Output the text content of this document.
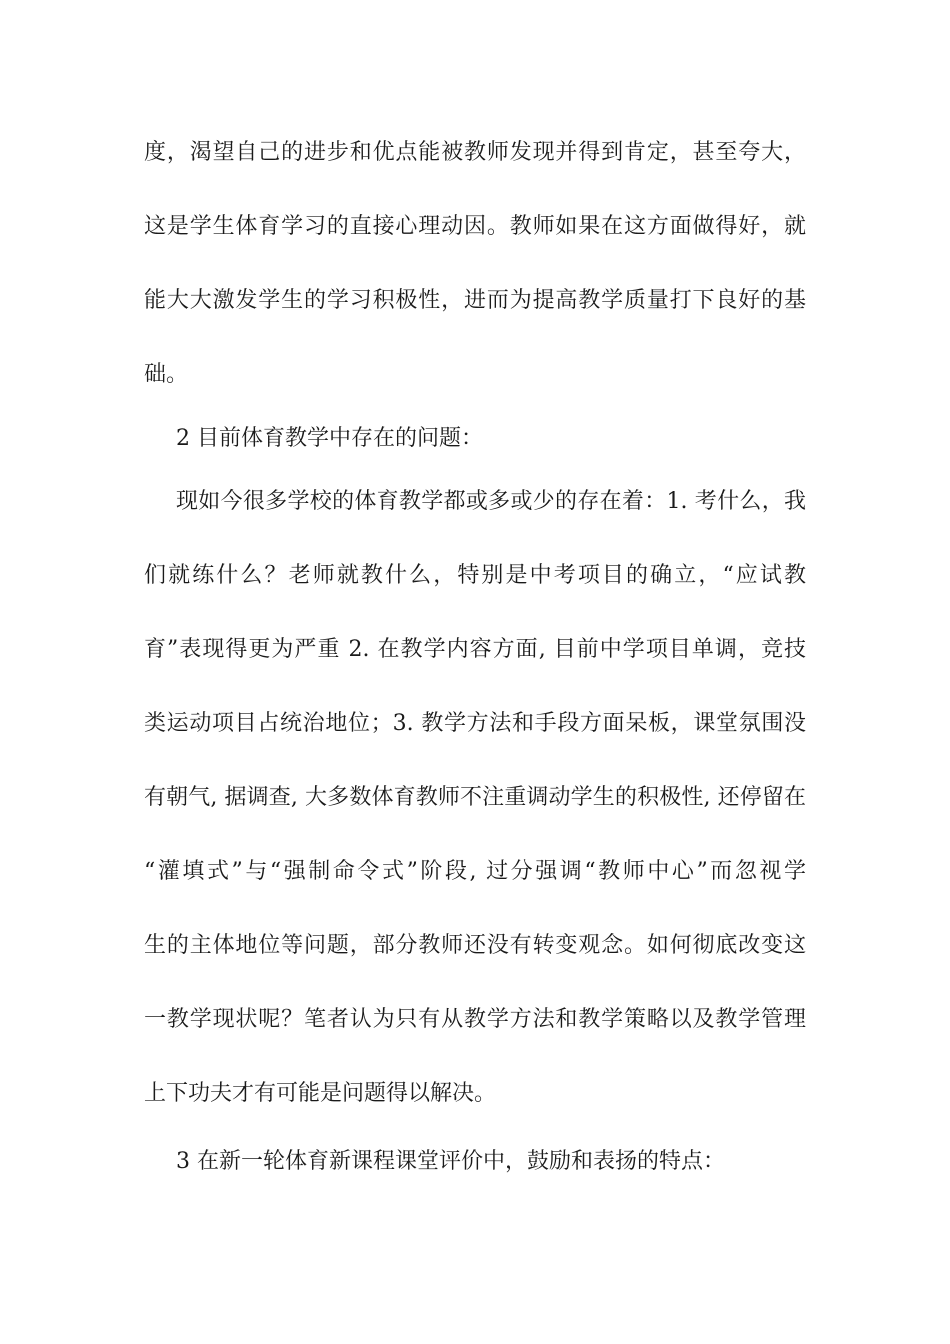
度，渴望自己的进步和优点能被教师发现并得到肯定，甚至夸大，
这是学生体育学习的直接心理动因。教师如果在这方面做得好，就
能大大激发学生的学习积极性，进而为提高教学质量打下良好的基
础。
2 目前体育教学中存在的问题：
现如今很多学校的体育教学都或多或少的存在着：1. 考什么，我
们就练什么？老师就教什么，特别是中考项目的确立，“应试教
育”表现得更为严重 2. 在教学内容方面, 目前中学项目单调，竞技
类运动项目占统治地位；3. 教学方法和手段方面呆板，课堂氛围没
有朝气, 据调查, 大多数体育教师不注重调动学生的积极性, 还停留在
“灌填式”与“强制命令式”阶段, 过分强调“教师中心”而忽视学
生的主体地位等问题，部分教师还没有转变观念。如何彻底改变这
一教学现状呢？笔者认为只有从教学方法和教学策略以及教学管理
上下功夫才有可能是问题得以解决。
3 在新一轮体育新课程课堂评价中，鼓励和表扬的特点：
